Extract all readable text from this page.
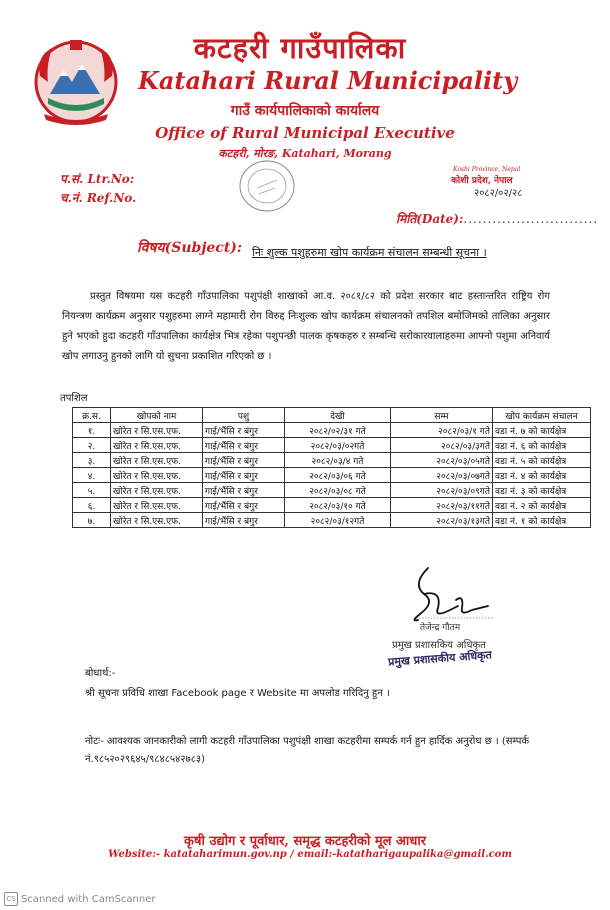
कटहरी गाउँपालिका
Katahari Rural Municipality
गाउँ कार्यपालिकाको कार्यालय
Office of Rural Municipal Executive
कटहरी, मोरङ, Katahari, Morang
प.सं. Ltr.No:
च.नं. Ref.No.
Koshi Province, Nepal
कोशी प्रदेश, नेपाल
२०८२/०२/२८
मिति(Date):............................
विषय(Subject): निः शुल्क पशुहरुमा खोप कार्यक्रम संचालन सम्बन्धी सूचना ।

प्रस्तुत विषयमा यस कटहरी गाँउपालिका पशुपंक्षी शाखाको आ.व. २०८१/८२ को प्रदेश सरकार बाट हस्तान्तरित राष्ट्रिय रोग नियन्त्रण कार्यक्रम अनुसार पशुहरुमा लाग्ने महामारी रोग विरुद्द निःशुल्क खोप कार्यक्रम संचालनको तपशिल बमोजिमको तालिका अनुसार हुने भएको हुदा कटहरी गाँउपालिका कार्यक्षेत्र भित्र रहेका पशुपन्छी पालक कृषकहरु र सम्बन्धि सरोकारवालाहरुमा आफ्नो पशुमा अनिवार्य खोप लगाउनु हुनको लागि यो सुचना प्रकाशित गरिएको छ ।

तपशिल
क्र.स.	खोपको नाम	पशु	देखी	सम्म	खोप कार्यक्रम संचालन
१.	खोरेत र सि.एस.एफ.	गाई/भैंसि र बंगुर	२०८२/०२/३१ गते	२०८२/०३/१ गते	वडा नं. ७ को कार्यक्षेत्र
२.	खोरेत र सि.एस.एफ.	गाई/भैंसि र बंगुर	२०८२/०३/०२गते	२०८२/०३/३गते	वडा नं. ६ को कार्यक्षेत्र
३.	खोरेत र सि.एस.एफ.	गाई/भैंसि र बंगुर	२०८२/०३/४ गते	२०८२/०३/०५गते	वडा नं. ५ को कार्यक्षेत्र
४.	खोरेत र सि.एस.एफ.	गाई/भैंसि र बंगुर	२०८२/०३/०६ गते	२०८२/०३/०७गते	वडा नं. ४ को कार्यक्षेत्र
५.	खोरेत र सि.एस.एफ.	गाई/भैंसि र बंगुर	२०८२/०३/०८ गते	२०८२/०३/०९गते	वडा नं. ३ को कार्यक्षेत्र
६.	खोरेत र सि.एस.एफ.	गाई/भैंसि र बंगुर	२०८२/०३/१० गते	२०८२/०३/११गते	वडा नं. २ को कार्यक्षेत्र
७.	खोरेत र सि.एस.एफ.	गाई/भैंसि र बंगुर	२०८२/०३/१२गते	२०८२/०३/१३गते	वडा नं. १ को कार्यक्षेत्र
तेजेन्द्र गौतम
प्रमुख प्रशासकिय अधिकृत
प्रमुख प्रशासकीय अधिकृत
बोधार्थ:-
श्री सूचना प्रविधि शाखा Facebook page र Website मा अपलोड गरिदिनु हुन ।
नोटः- आवश्यक जानकारीको लागी कटहरी गाँउपालिका पशुपंक्षी शाखा कटहरीमा सम्पर्क गर्न हुन हार्दिक अनुरोध छ । (सम्पर्क नं.९८५२०२९६४५/९८४८५४२७८३)
कृषी उद्योग र पूर्वाधार, समृद्ध कटहरीको मूल आधार
Website:- katataharimun.gov.np / email:-katatharigaupalika@gmail.com
CS Scanned with CamScanner
